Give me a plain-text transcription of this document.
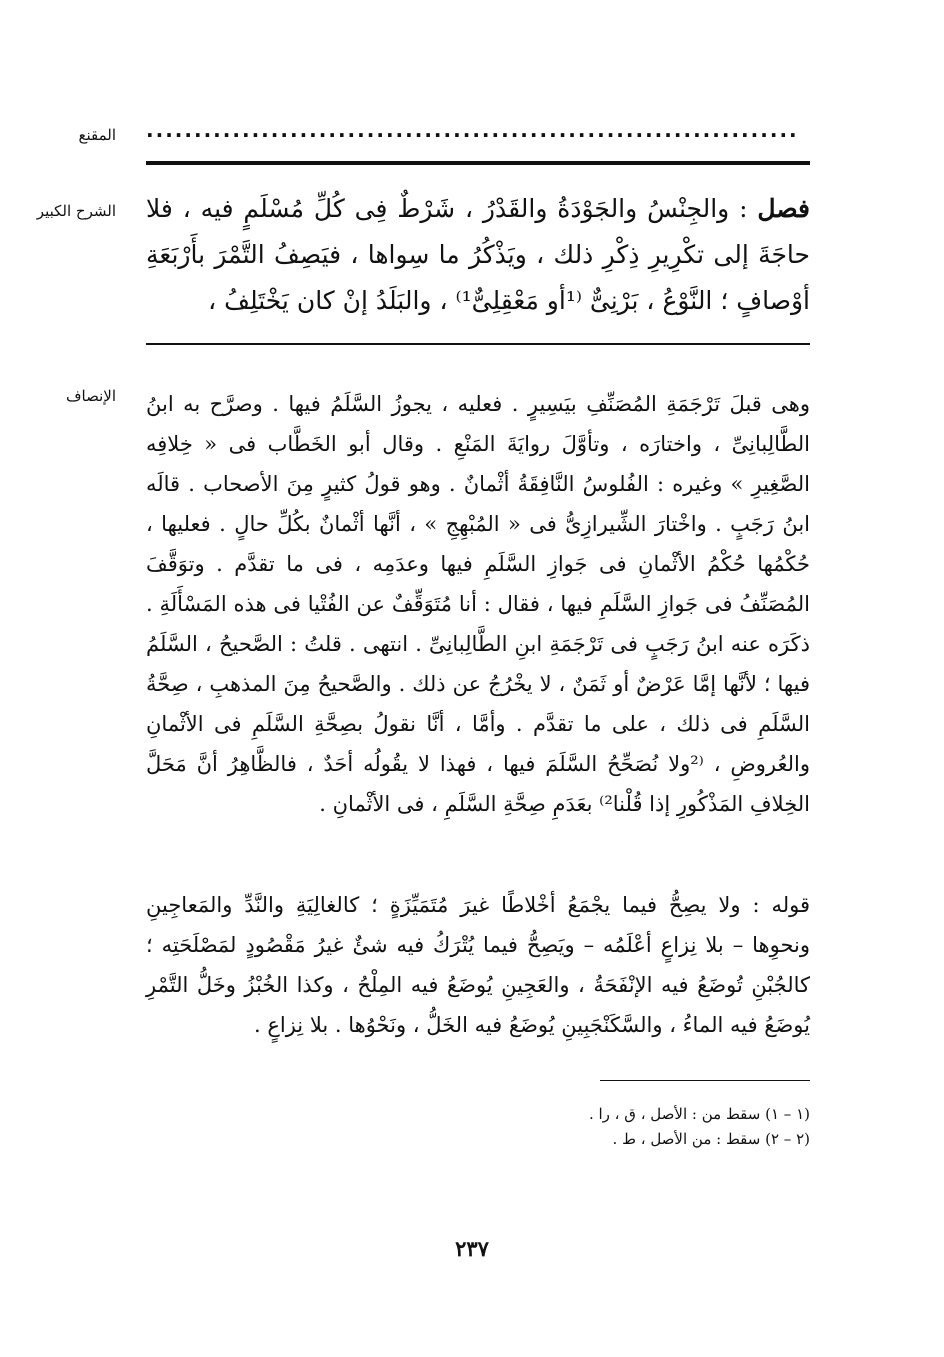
المقنع ....................................................................
الشرح الكبير	فصل : والجِنْسُ والجَوْدَةُ والقَدْرُ ، شَرْطٌ فِى كُلِّ مُسْلَمٍ فيه ، فلا حاجَةَ إلى تكْرِيرِ ذِكْرِ ذلك ، ويَذْكُرُ ما سِواها ، فيَصِفُ التَّمْرَ بأَرْبَعَةِ أوْصافٍ ؛ النَّوْعُ ، بَرْنِىٌّ ⁽¹أو مَعْقِلِىٌّ¹⁾ ، والبَلَدُ إنْ كان يَخْتَلِفُ ،

الإنصاف وهى قبلَ تَرْجَمَةِ المُصَنِّفِ بيَسِيرٍ . فعليه ، يجوزُ السَّلَمُ فيها . وصرَّح به ابنُ الطَّالِبانِىِّ ، واختارَه ، وتأوَّلَ روايَةَ المَنْعِ . وقال أبو الخَطَّاب فى « خِلافِه الصَّغِيرِ » وغيره : الفُلوسُ النَّافِقَةُ أثْمانٌ . وهو قولُ كثيرٍ مِنَ الأصحاب . قالَه ابنُ رَجَبٍ . واخْتارَ الشِّيرازِىُّ فى « المُبْهِجِ » ، أنَّها أثْمانٌ بكُلِّ حالٍ . فعليها ، حُكْمُها حُكْمُ الأثْمانِ فى جَوازِ السَّلَمِ فيها وعدَمِه ، فى ما تقدَّم . وتوَقَّفَ المُصَنِّفُ فى جَوازِ السَّلَمِ فيها ، فقال : أنا مُتَوَقِّفٌ عن الفُتْيا فى هذه المَسْأَلَةِ . ذكَرَه عنه ابنُ رَجَبٍ فى تَرْجَمَةِ ابنِ الطَّالِبانِىِّ . انتهى . قلتُ : الصَّحيحُ ، السَّلَمُ فيها ؛ لأنَّها إمَّا عَرْضٌ أو ثَمَنٌ ، لا يخْرُجُ عن ذلك . والصَّحيحُ مِنَ المذهبِ ، صِحَّةُ السَّلَمِ فى ذلك ، على ما تقدَّم . وأمَّا ، أنَّا نقولُ بصِحَّةِ السَّلَمِ فى الأثْمانِ والعُروضِ ، ⁽²ولا نُصَحِّحُ السَّلَمَ فيها ، فهذا لا يقُولُه أحَدٌ ، فالظَّاهِرُ أنَّ مَحَلَّ الخِلافِ المَذْكُورِ إذا قُلْنا²⁾ بعَدَمِ صِحَّةِ السَّلَمِ ، فى الأثْمانِ .

قوله : ولا يصِحُّ فيما يجْمَعُ أخْلاطًا غيرَ مُتَمَيِّزَةٍ ؛ كالغالِيَةِ والنَّدِّ والمَعاجِينِ ونحوِها – بلا نِزاعٍ أعْلَمُه – ويَصِحُّ فيما يُتْرَكُ فيه شئٌ غيرُ مَقْصُودٍ لمَصْلَحَتِه ؛ كالجُبْنِ تُوضَعُ فيه الإنْفَحَةُ ، والعَجِينِ يُوضَعُ فيه المِلْحُ ، وكذا الخُبْزُ وخَلُّ التَّمْرِ يُوضَعُ فيه الماءُ ، والسَّكَنْجَبِينِ يُوضَعُ فيه الخَلُّ ، ونَحْوُها . بلا نِزاعٍ .

(١ – ١) سقط من : الأصل ، ق ، را .
(٢ – ٢) سقط : من الأصل ، ط .
٢٣٧
